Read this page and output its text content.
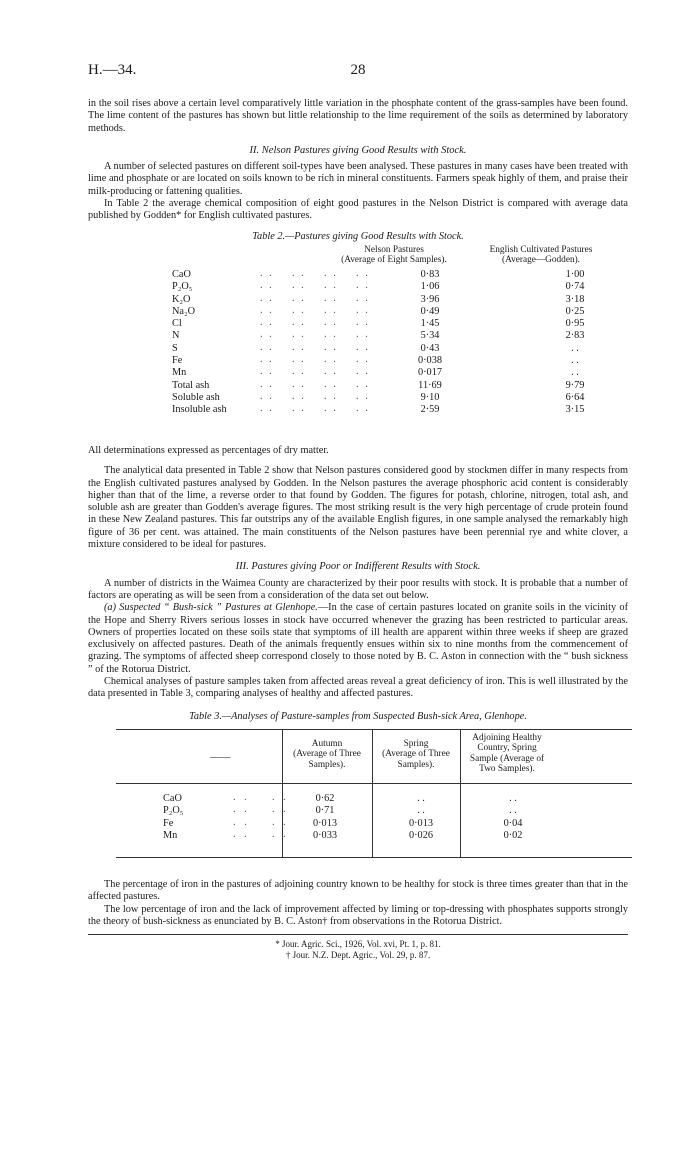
H.—34.	28

in the soil rises above a certain level comparatively little variation in the phosphate content of the grass-samples have been found. The lime content of the pastures has shown but little relationship to the lime requirement of the soils as determined by laboratory methods.

II. Nelson Pastures giving Good Results with Stock.

A number of selected pastures on different soil-types have been analysed. These pastures in many cases have been treated with lime and phosphate or are located on soils known to be rich in mineral constituents. Farmers speak highly of them, and praise their milk-producing or fattening qualities.

In Table 2 the average chemical composition of eight good pastures in the Nelson District is compared with average data published by Godden* for English cultivated pastures.

Table 2.—Pastures giving Good Results with Stock.
Nelson Pastures
(Average of Eight Samples).
English Cultivated Pastures
(Average—Godden).
CaO	. .    . .    . .    . .	0·83	1·00
P₂O₅	. .    . .    . .    . .	1·06	0·74
K₂O	. .    . .    . .    . .	3·96	3·18
Na₂O	. .    . .    . .    . .	0·49	0·25
Cl	. .    . .    . .    . .	1·45	0·95
N	. .    . .    . .    . .	5·34	2·83
S	. .    . .    . .    . .	0·43	. .
Fe	. .    . .    . .    . .	0·038	. .
Mn	. .    . .    . .    . .	0·017	. .
Total ash	. .    . .    . .    . .	11·69	9·79
Soluble ash	. .    . .    . .    . .	9·10	6·64
Insoluble ash	. .    . .    . .    . .	2·59	3·15

All determinations expressed as percentages of dry matter.

The analytical data presented in Table 2 show that Nelson pastures considered good by stockmen differ in many respects from the English cultivated pastures analysed by Godden. In the Nelson pastures the average phosphoric acid content is considerably higher than that of the lime, a reverse order to that found by Godden. The figures for potash, chlorine, nitrogen, total ash, and soluble ash are greater than Godden's average figures. The most striking result is the very high percentage of crude protein found in these New Zealand pastures. This far outstrips any of the available English figures, in one sample analysed the remarkably high figure of 36 per cent. was attained. The main constituents of the Nelson pastures have been perennial rye and white clover, a mixture considered to be ideal for pastures.

III. Pastures giving Poor or Indifferent Results with Stock.

A number of districts in the Waimea County are characterized by their poor results with stock. It is probable that a number of factors are operating as will be seen from a consideration of the data set out below.

(a) Suspected “ Bush-sick ” Pastures at Glenhope.—In the case of certain pastures located on granite soils in the vicinity of the Hope and Sherry Rivers serious losses in stock have occurred whenever the grazing has been restricted to particular areas. Owners of properties located on these soils state that symptoms of ill health are apparent within three weeks if sheep are grazed exclusively on affected pastures. Death of the animals frequently ensues within six to nine months from the commencement of grazing. The symptoms of affected sheep correspond closely to those noted by B. C. Aston in connection with the “ bush sickness ” of the Rotorua District.

Chemical analyses of pasture samples taken from affected areas reveal a great deficiency of iron. This is well illustrated by the data presented in Table 3, comparing analyses of healthy and affected pastures.

Table 3.—Analyses of Pasture-samples from Suspected Bush-sick Area, Glenhope.
——
Autumn
(Average of Three Samples).
Spring
(Average of Three Samples).
Adjoining Healthy Country, Spring Sample (Average of Two Samples).
CaO	. .    . .	0·62	. .	. .
P₂O₅	. .    . .	0·71	. .	. .
Fe	. .    . .	0·013	0·013	0·04
Mn	. .    . .	0·033	0·026	0·02

The percentage of iron in the pastures of adjoining country known to be healthy for stock is three times greater than that in the affected pastures.

The low percentage of iron and the lack of improvement affected by liming or top-dressing with phosphates supports strongly the theory of bush-sickness as enunciated by B. C. Aston† from observations in the Rotorua District.

* Jour. Agric. Sci., 1926, Vol. xvi, Pt. 1, p. 81.
† Jour. N.Z. Dept. Agric., Vol. 29, p. 87.
